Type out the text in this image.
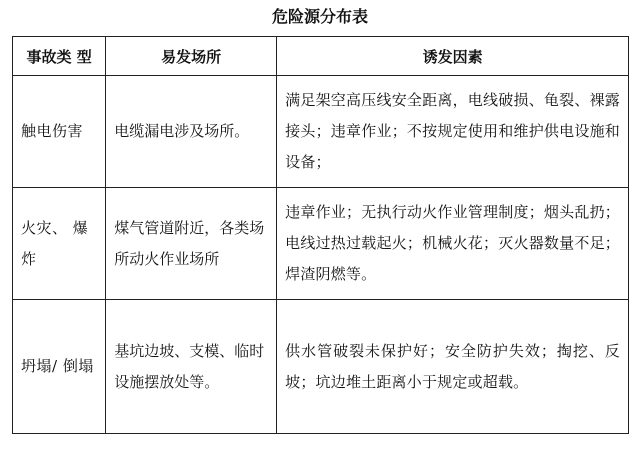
危险源分布表
事故类 型	易发场所	诱发因素
触电伤害	电缆漏电涉及场所。	满足架空高压线安全距离，电线破损、龟裂、裸露接头；违章作业；不按规定使用和维护供电设施和设备；
火灾、 爆炸	煤气管道附近，各类场所动火作业场所	违章作业；无执行动火作业管理制度；烟头乱扔；电线过热过载起火；机械火花；灭火器数量不足；焊渣阴燃等。
坍塌/ 倒塌	基坑边坡、支模、临时设施摆放处等。	供水管破裂未保护好；安全防护失效；掏挖、反坡；坑边堆土距离小于规定或超载。
